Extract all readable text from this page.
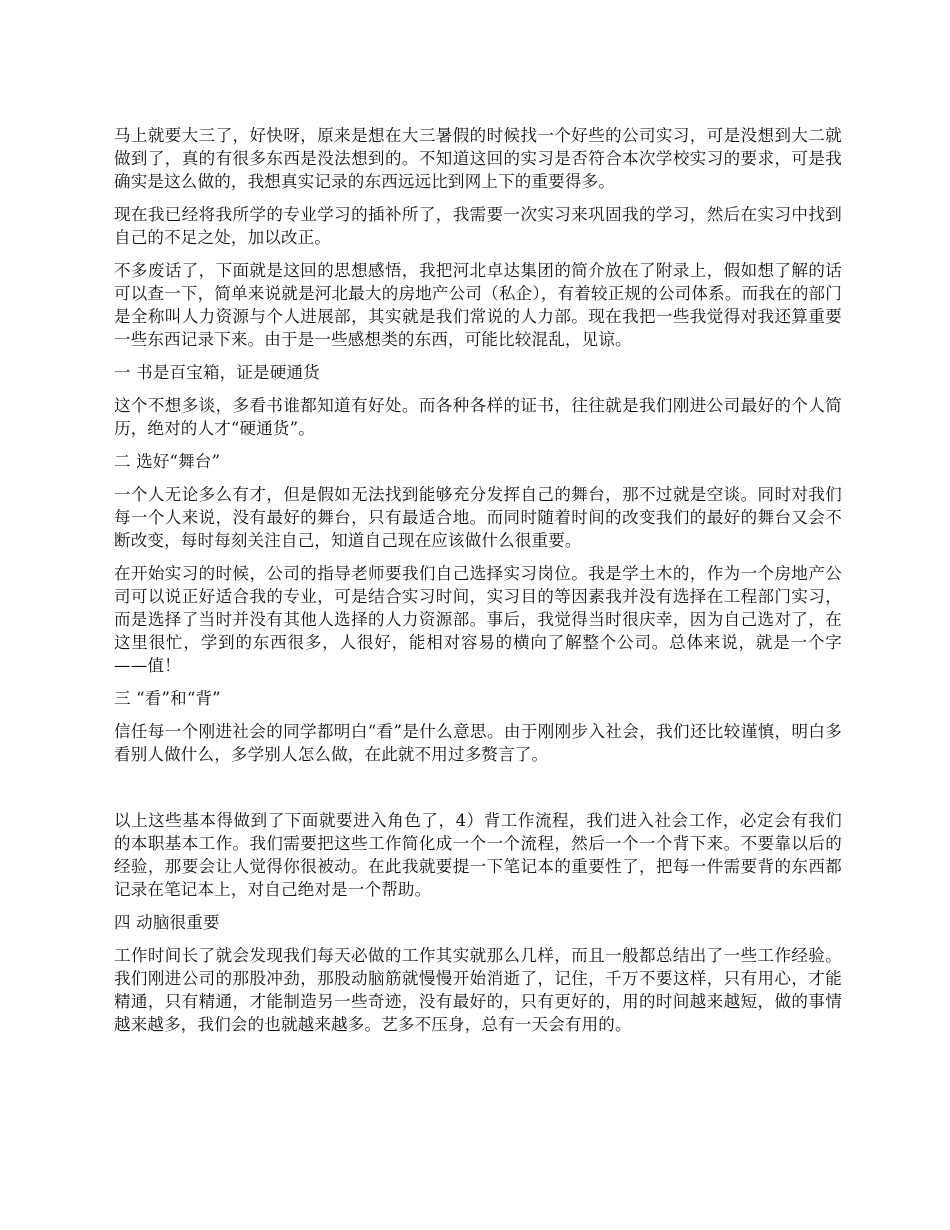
马上就要大三了，好快呀，原来是想在大三暑假的时候找一个好些的公司实习，可是没想到大二就做到了，真的有很多东西是没法想到的。不知道这回的实习是否符合本次学校实习的要求，可是我确实是这么做的，我想真实记录的东西远远比到网上下的重要得多。

现在我已经将我所学的专业学习的插补所了，我需要一次实习来巩固我的学习，然后在实习中找到自己的不足之处，加以改正。

不多废话了，下面就是这回的思想感悟，我把河北卓达集团的简介放在了附录上，假如想了解的话可以查一下，简单来说就是河北最大的房地产公司（私企），有着较正规的公司体系。而我在的部门是全称叫人力资源与个人进展部，其实就是我们常说的人力部。现在我把一些我觉得对我还算重要一些东西记录下来。由于是一些感想类的东西，可能比较混乱，见谅。

一 书是百宝箱，证是硬通货

这个不想多谈，多看书谁都知道有好处。而各种各样的证书，往往就是我们刚进公司最好的个人简历，绝对的人才“硬通货”。

二 选好“舞台”

一个人无论多么有才，但是假如无法找到能够充分发挥自己的舞台，那不过就是空谈。同时对我们每一个人来说，没有最好的舞台，只有最适合地。而同时随着时间的改变我们的最好的舞台又会不断改变，每时每刻关注自己，知道自己现在应该做什么很重要。

在开始实习的时候，公司的指导老师要我们自己选择实习岗位。我是学土木的，作为一个房地产公司可以说正好适合我的专业，可是结合实习时间，实习目的等因素我并没有选择在工程部门实习，而是选择了当时并没有其他人选择的人力资源部。事后，我觉得当时很庆幸，因为自己选对了，在这里很忙，学到的东西很多，人很好，能相对容易的横向了解整个公司。总体来说，就是一个字——值！

三 “看”和“背”

信任每一个刚进社会的同学都明白“看”是什么意思。由于刚刚步入社会，我们还比较谨慎，明白多看别人做什么，多学别人怎么做，在此就不用过多赘言了。

以上这些基本得做到了下面就要进入角色了，4）背工作流程，我们进入社会工作，必定会有我们的本职基本工作。我们需要把这些工作简化成一个一个流程，然后一个一个背下来。不要靠以后的经验，那要会让人觉得你很被动。在此我就要提一下笔记本的重要性了，把每一件需要背的东西都记录在笔记本上，对自己绝对是一个帮助。

四 动脑很重要

工作时间长了就会发现我们每天必做的工作其实就那么几样，而且一般都总结出了一些工作经验。我们刚进公司的那股冲劲，那股动脑筋就慢慢开始消逝了，记住，千万不要这样，只有用心，才能精通，只有精通，才能制造另一些奇迹，没有最好的，只有更好的，用的时间越来越短，做的事情越来越多，我们会的也就越来越多。艺多不压身，总有一天会有用的。
